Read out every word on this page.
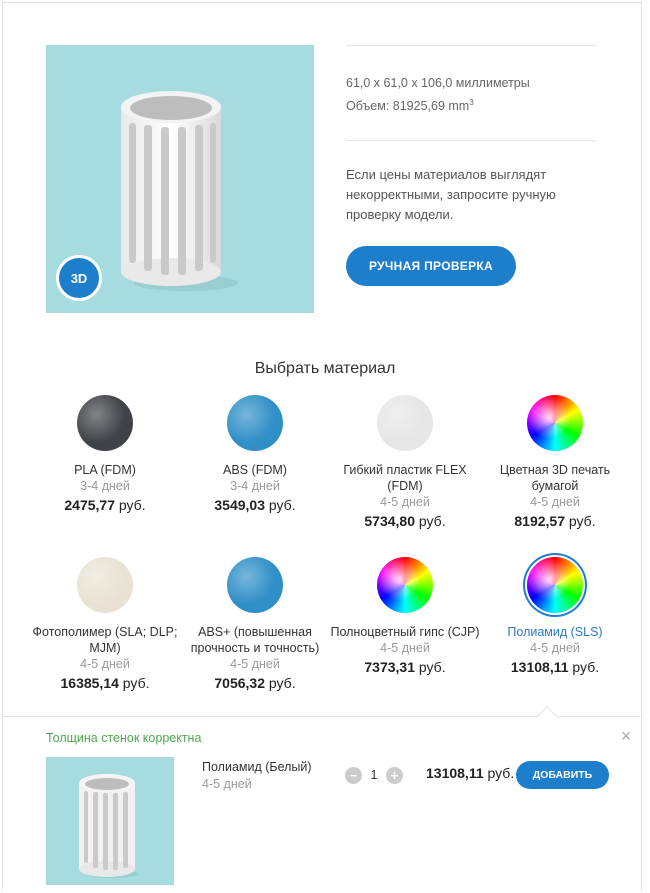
3D
61,0 x 61,0 x 106,0 миллиметры
Объем: 81925,69 $mm^3$

Если цены материалов выглядят некорректными, запросите ручную проверку модели.

РУЧНАЯ ПРОВЕРКА
Выбрать материал
PLA (FDM)
3-4 дней
2475,77 руб.
ABS (FDM)
3-4 дней
3549,03 руб.
Гибкий пластик FLEX (FDM)
4-5 дней
5734,80 руб.
Цветная 3D печать бумагой
4-5 дней
8192,57 руб.
Фотополимер (SLA; DLP; MJM)
4-5 дней
16385,14 руб.
ABS+ (повышенная прочность и точность)
4-5 дней
7056,32 руб.
Полноцветный гипс (CJP)
4-5 дней
7373,31 руб.
Полиамид (SLS)
4-5 дней
13108,11 руб.
×
Толщина стенок корректна
Полиамид (Белый)
4-5 дней
−	1	+	13108,11 руб.	ДОБАВИТЬ
